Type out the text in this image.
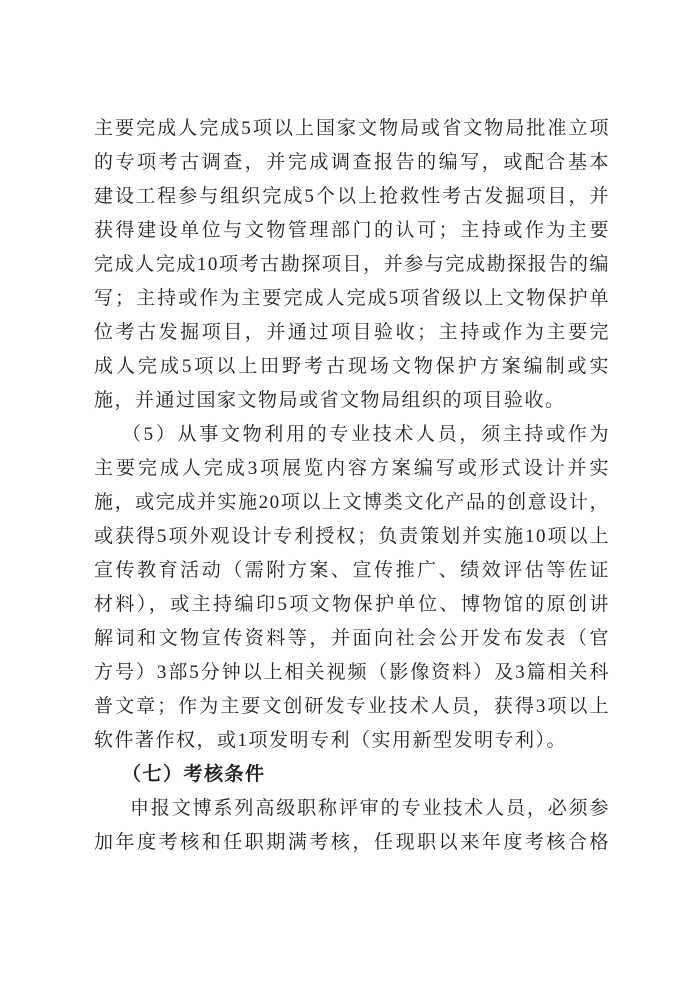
主要完成人完成5项以上国家文物局或省文物局批准立项
的专项考古调查，并完成调查报告的编写，或配合基本
建设工程参与组织完成5个以上抢救性考古发掘项目，并
获得建设单位与文物管理部门的认可；主持或作为主要
完成人完成10项考古勘探项目，并参与完成勘探报告的编
写；主持或作为主要完成人完成5项省级以上文物保护单
位考古发掘项目，并通过项目验收；主持或作为主要完
成人完成5项以上田野考古现场文物保护方案编制或实
施，并通过国家文物局或省文物局组织的项目验收。
（5）从事文物利用的专业技术人员，须主持或作为
主要完成人完成3项展览内容方案编写或形式设计并实
施，或完成并实施20项以上文博类文化产品的创意设计，
或获得5项外观设计专利授权；负责策划并实施10项以上
宣传教育活动（需附方案、宣传推广、绩效评估等佐证
材料），或主持编印5项文物保护单位、博物馆的原创讲
解词和文物宣传资料等，并面向社会公开发布发表（官
方号）3部5分钟以上相关视频（影像资料）及3篇相关科
普文章；作为主要文创研发专业技术人员，获得3项以上
软件著作权，或1项发明专利（实用新型发明专利）。
（七）考核条件
申报文博系列高级职称评审的专业技术人员，必须参
加年度考核和任职期满考核，任现职以来年度考核合格
